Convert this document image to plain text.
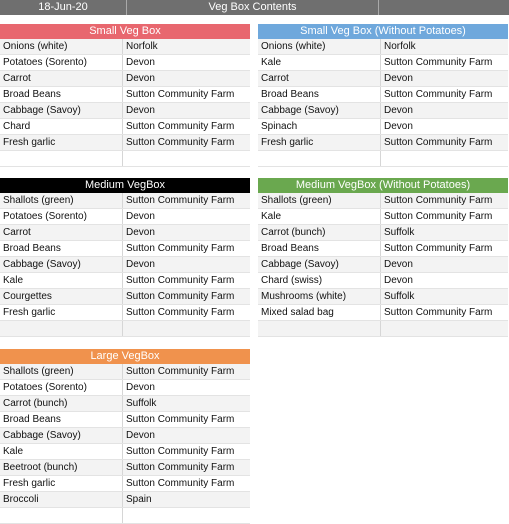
18-Jun-20	Veg Box Contents
Small Veg Box
Onions (white)	Norfolk
Potatoes (Sorento)	Devon
Carrot	Devon
Broad Beans	Sutton Community Farm
Cabbage (Savoy)	Devon
Chard	Sutton Community Farm
Fresh garlic	Sutton Community Farm
Small Veg Box (Without Potatoes)
Onions (white)	Norfolk
Kale	Sutton Community Farm
Carrot	Devon
Broad Beans	Sutton Community Farm
Cabbage (Savoy)	Devon
Spinach	Devon
Fresh garlic	Sutton Community Farm
Medium VegBox
Shallots (green)	Sutton Community Farm
Potatoes (Sorento)	Devon
Carrot	Devon
Broad Beans	Sutton Community Farm
Cabbage (Savoy)	Devon
Kale	Sutton Community Farm
Courgettes	Sutton Community Farm
Fresh garlic	Sutton Community Farm
Medium VegBox (Without Potatoes)
Shallots (green)	Sutton Community Farm
Kale	Sutton Community Farm
Carrot (bunch)	Suffolk
Broad Beans	Sutton Community Farm
Cabbage (Savoy)	Devon
Chard (swiss)	Devon
Mushrooms (white)	Suffolk
Mixed salad bag	Sutton Community Farm
Large VegBox
Shallots (green)	Sutton Community Farm
Potatoes (Sorento)	Devon
Carrot (bunch)	Suffolk
Broad Beans	Sutton Community Farm
Cabbage (Savoy)	Devon
Kale	Sutton Community Farm
Beetroot (bunch)	Sutton Community Farm
Fresh garlic	Sutton Community Farm
Broccoli	Spain
